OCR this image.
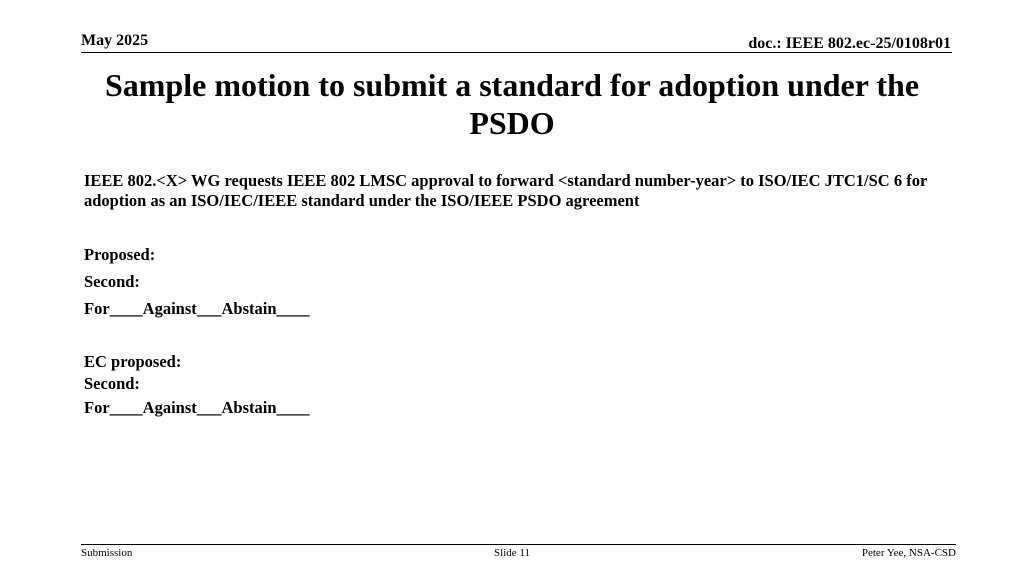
May 2025	doc.: IEEE 802.ec-25/0108r01
Sample motion to submit a standard for adoption under the PSDO
IEEE 802.<X> WG requests IEEE 802 LMSC approval to forward <standard number-year> to ISO/IEC JTC1/SC 6 for adoption as an ISO/IEC/IEEE standard under the ISO/IEEE PSDO agreement
Proposed:
Second:
For____Against___Abstain____
EC proposed:
Second:
For____Against___Abstain____
Submission	Slide 11	Peter Yee, NSA-CSD
